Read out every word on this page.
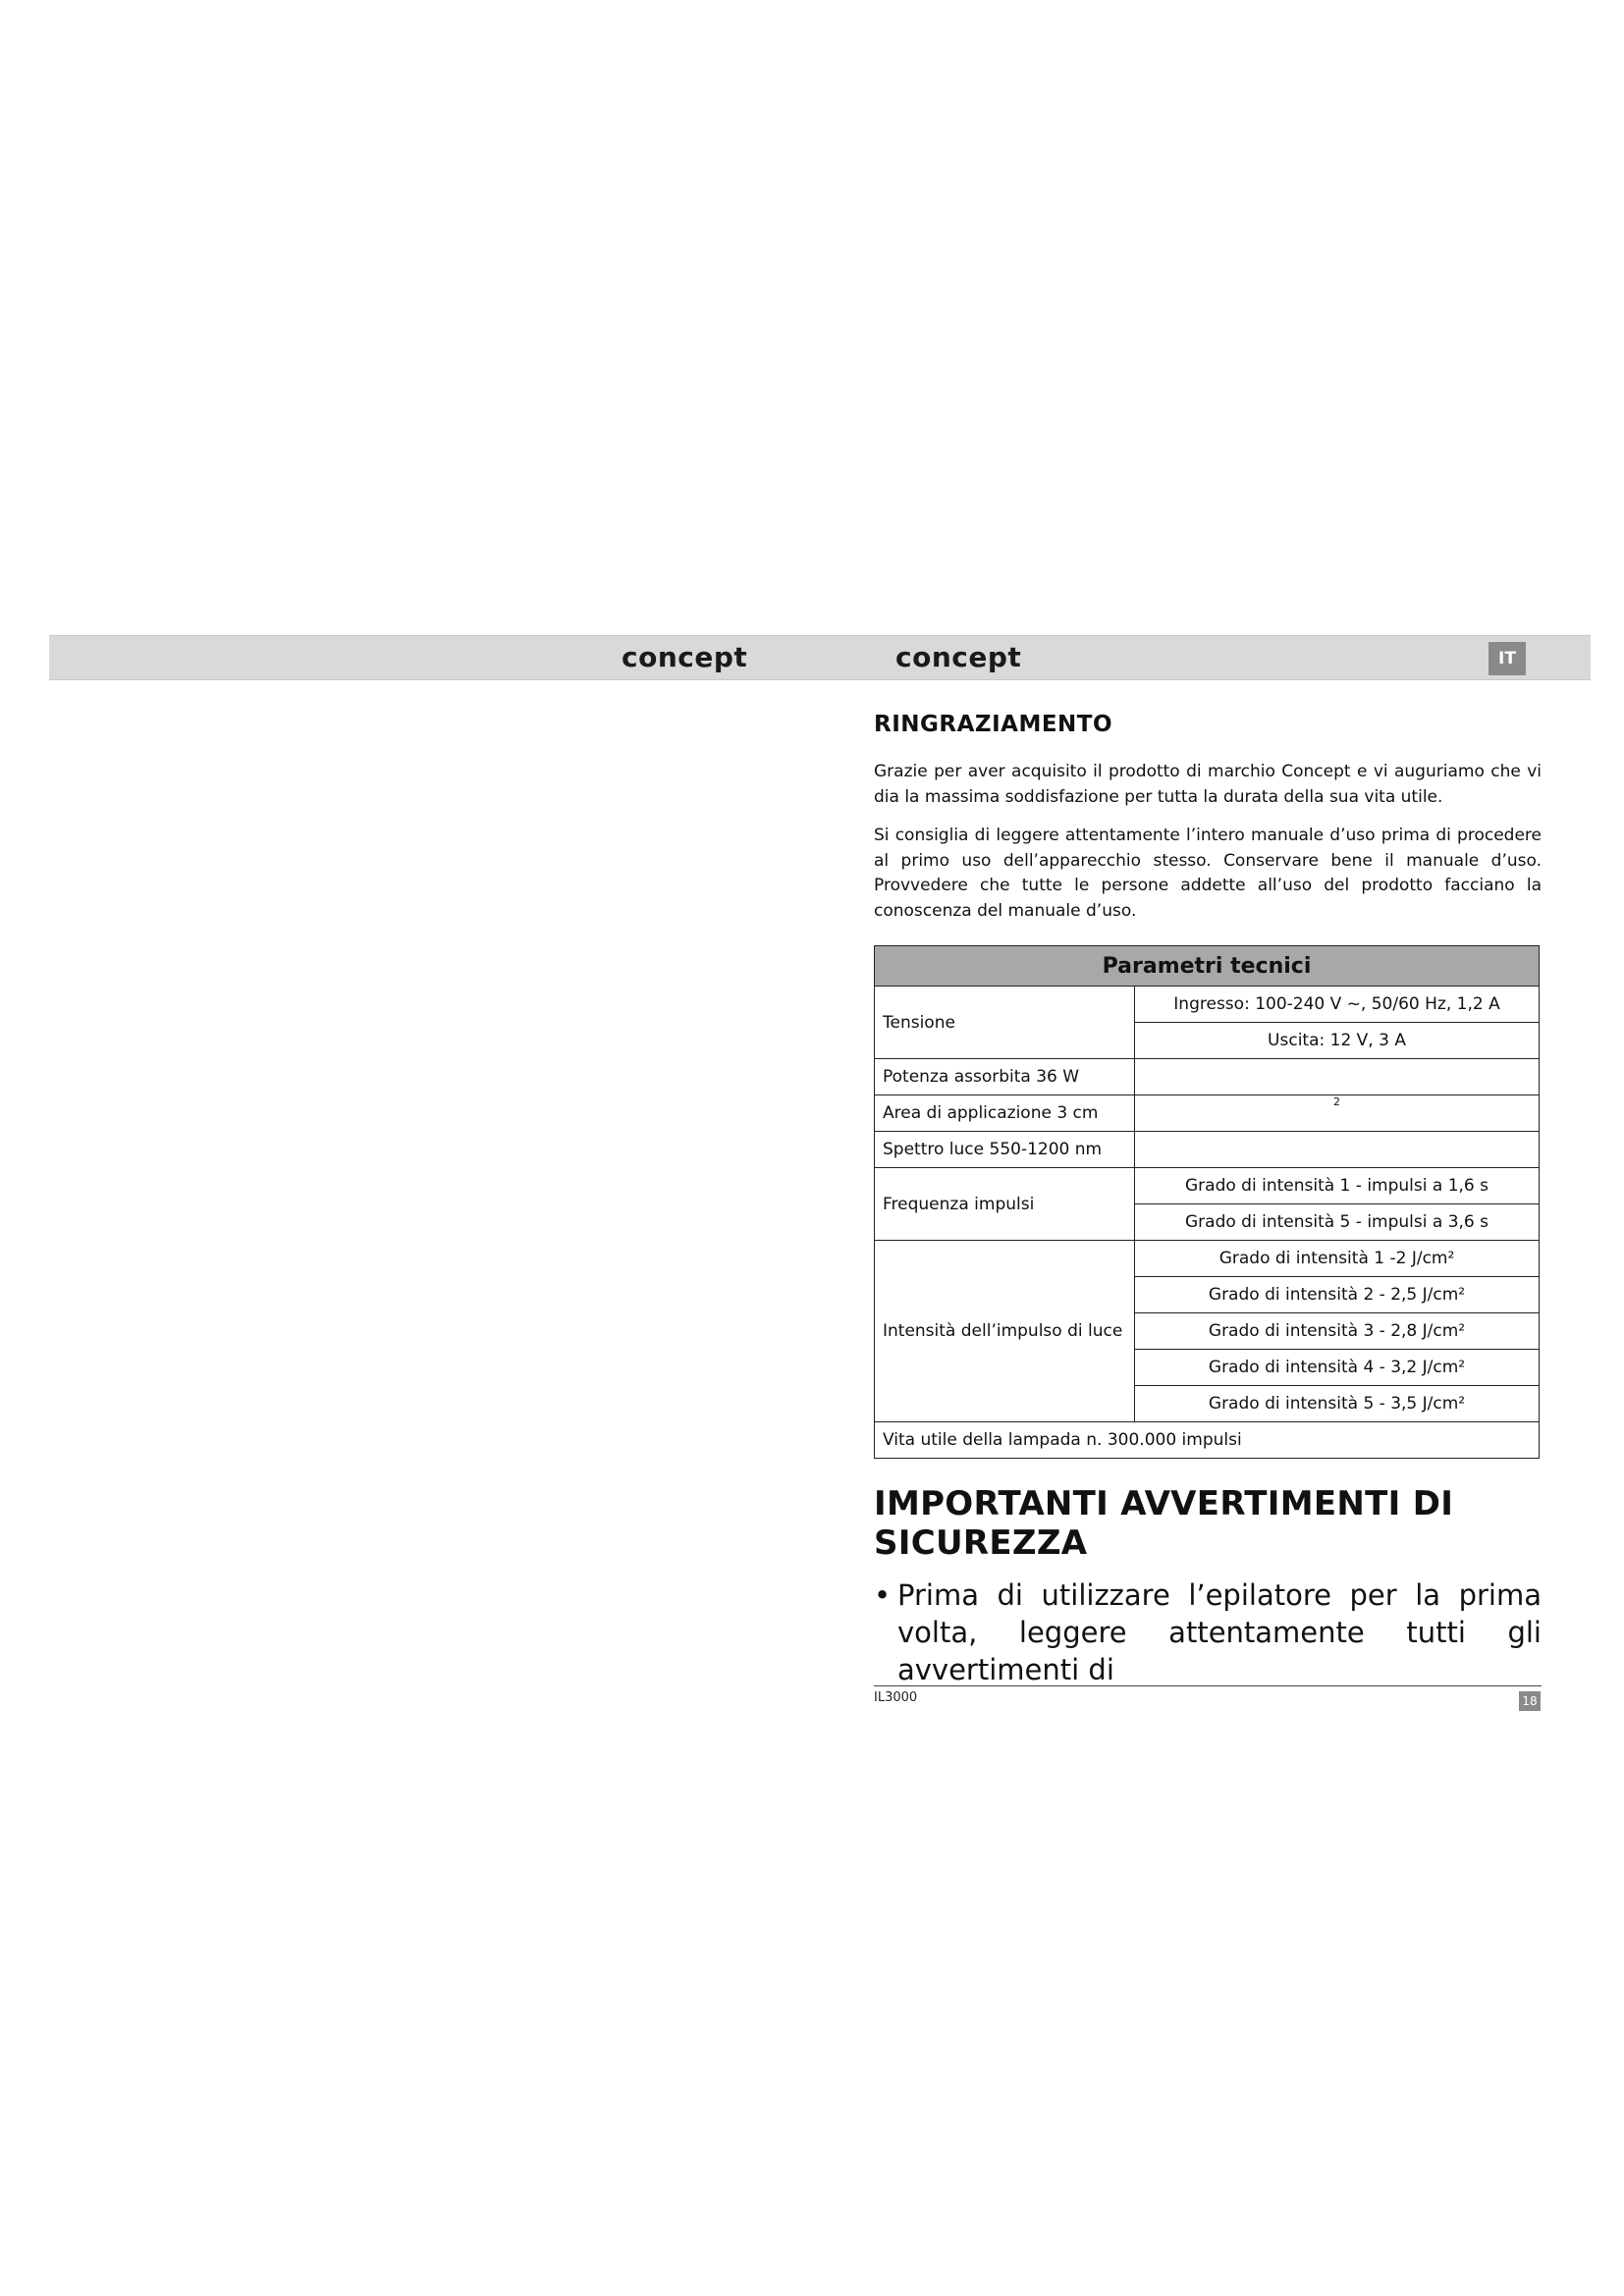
concept	concept	IT
RINGRAZIAMENTO

Grazie per aver acquisito il prodotto di marchio Concept e vi auguriamo che vi dia la massima soddisfazione per tutta la durata della sua vita utile.

Si consiglia di leggere attentamente l’intero manuale d’uso prima di procedere al primo uso dell’apparecchio stesso. Conservare bene il manuale d’uso. Provvedere che tutte le persone addette all’uso del prodotto facciano la conoscenza del manuale d’uso.

Parametri tecnici	
Tensione	Ingresso: 100-240 V ~, 50/60 Hz, 1,2 A
	Uscita: 12 V, 3 A
Potenza assorbita 36 W	
Area di applicazione 3 cm	$^2$
Spettro luce 550-1200 nm	
Frequenza impulsi	Grado di intensità 1 - impulsi a 1,6 s
	Grado di intensità 5 - impulsi a 3,6 s
Intensità dell’impulso di luce	Grado di intensità 1 -2 J/cm²
	Grado di intensità 2 - 2,5 J/cm²
	Grado di intensità 3 - 2,8 J/cm²
	Grado di intensità 4 - 3,2 J/cm²
	Grado di intensità 5 - 3,5 J/cm²
Vita utile della lampada n. 300.000 impulsi	
IMPORTANTI AVVERTIMENTI DI SICUREZZA
• Prima di utilizzare l’epilatore per la prima volta, leggere attentamente tutti gli avvertimenti di
IL3000	18
